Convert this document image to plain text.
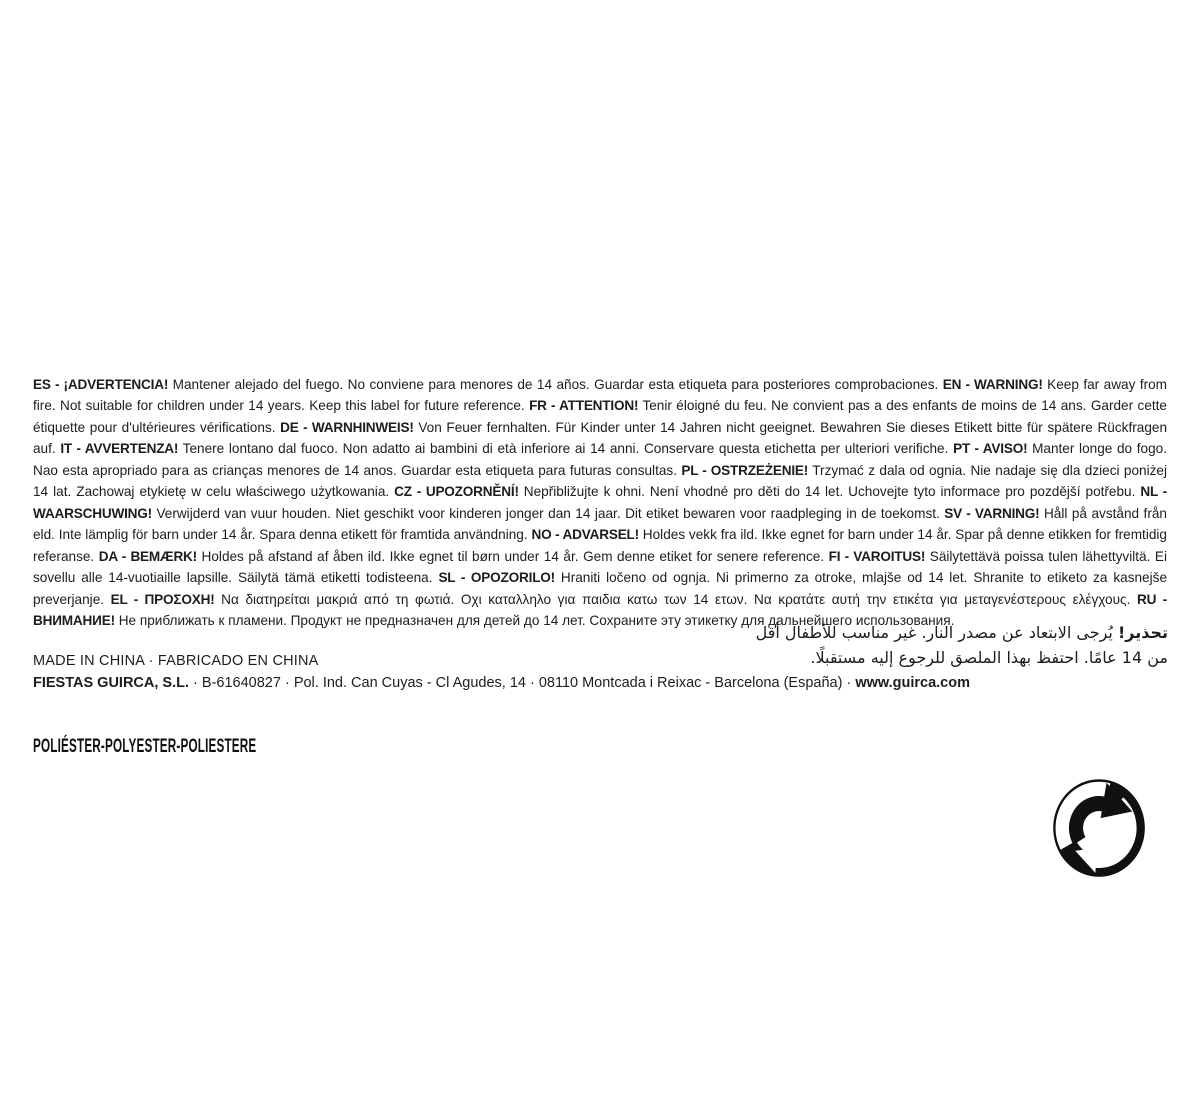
ES - ¡ADVERTENCIA! Mantener alejado del fuego. No conviene para menores de 14 años. Guardar esta etiqueta para posteriores comprobaciones. EN - WARNING! Keep far away from fire. Not suitable for children under 14 years. Keep this label for future reference. FR - ATTENTION! Tenir éloigné du feu. Ne convient pas a des enfants de moins de 14 ans. Garder cette étiquette pour d'ultérieures vérifications. DE - WARNHINWEIS! Von Feuer fernhalten. Für Kinder unter 14 Jahren nicht geeignet. Bewahren Sie dieses Etikett bitte für spätere Rückfragen auf. IT - AVVERTENZA! Tenere lontano dal fuoco. Non adatto ai bambini di età inferiore ai 14 anni. Conservare questa etichetta per ulteriori verifiche. PT - AVISO! Manter longe do fogo. Nao esta apropriado para as crianças menores de 14 anos. Guardar esta etiqueta para futuras consultas. PL - OSTRZEŻENIE! Trzymać z dala od ognia. Nie nadaje się dla dzieci poniżej 14 lat. Zachowaj etykietę w celu właściwego użytkowania. CZ - UPOZORNĚNÍ! Nepřibližujte k ohni. Není vhodné pro děti do 14 let. Uchovejte tyto informace pro pozdější potřebu. NL - WAARSCHUWING! Verwijderd van vuur houden. Niet geschikt voor kinderen jonger dan 14 jaar. Dit etiket bewaren voor raadpleging in de toekomst. SV - VARNING! Håll på avstånd från eld. Inte lämplig för barn under 14 år. Spara denna etikett för framtida användning. NO - ADVARSEL! Holdes vekk fra ild. Ikke egnet for barn under 14 år. Spar på denne etikken for fremtidig referanse. DA - BEMÆRK! Holdes på afstand af åben ild. Ikke egnet til børn under 14 år. Gem denne etiket for senere reference. FI - VAROITUS! Säilytettävä poissa tulen lähettyviltä. Ei sovellu alle 14-vuotiaille lapsille. Säilytä tämä etiketti todisteena. SL - OPOZORILO! Hraniti ločeno od ognja. Ni primerno za otroke, mlajše od 14 let. Shranite to etiketo za kasnejše preverjanje. EL - ΠΡΟΣΟΧΗ! Να διατηρείται μακριά από τη φωτιά. Οχι καταλληλο για παιδια κατω των 14 ετων. Να κρατάτε αυτή την ετικέτα για μεταγενέστερους ελέγχους. RU - ВНИМАНИЕ! Не приближать к пламени. Продукт не предназначен для детей до 14 лет. Сохраните эту этикетку для дальнейшего использования.

تحذير! يُرجى الابتعاد عن مصدر النار. غير مناسب للأطفال أقل من 14 عامًا. احتفظ بهذا الملصق للرجوع إليه مستقبلًا.

MADE IN CHINA · FABRICADO EN CHINA

FIESTAS GUIRCA, S.L. · B-61640827 · Pol. Ind. Can Cuyas - Cl Agudes, 14 · 08110 Montcada i Reixac - Barcelona (España) · www.guirca.com

POLIÉSTER-POLYESTER-POLIESTERE
